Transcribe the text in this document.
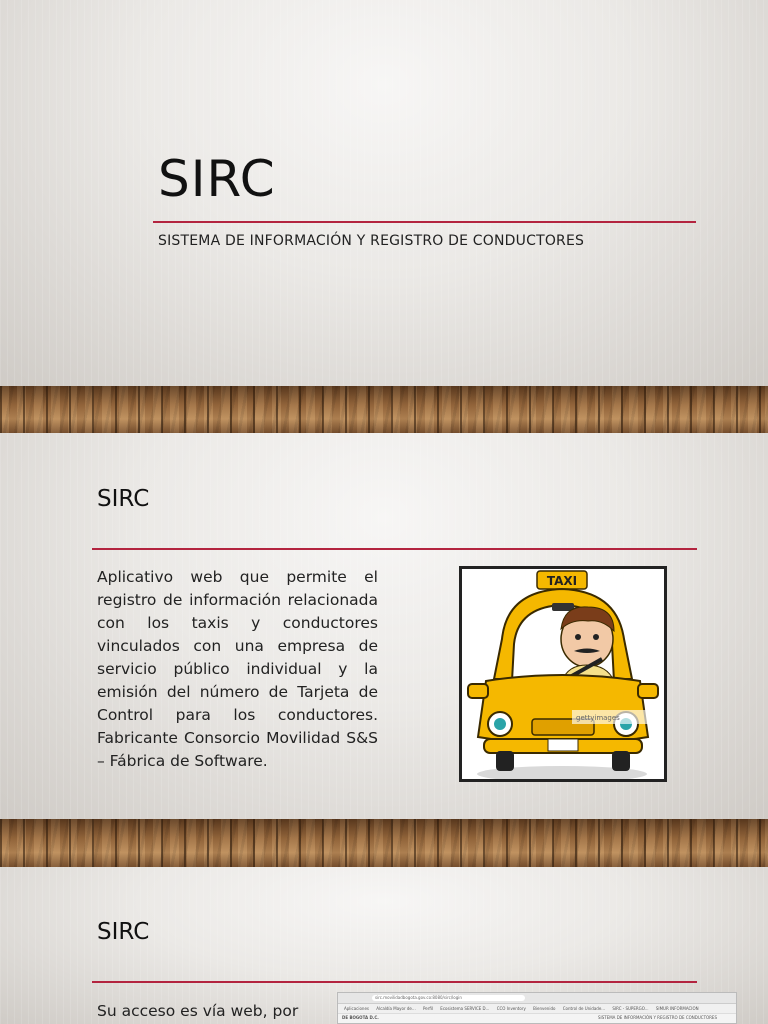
SIRC
SISTEMA DE INFORMACIÓN Y REGISTRO DE CONDUCTORES
SIRC
Aplicativo web que permite el registro de información relacionada con los taxis y conductores vinculados con una empresa de servicio público individual y la emisión del número de Tarjeta de Control para los conductores. Fabricante Consorcio Movilidad S&S – Fábrica de Software.
TAXI
gettyimages
SIRC
Su acceso es vía web, por
sirc.movilidadbogota.gov.co:8080/sirc/login
Aplicaciones Alcaldía Mayor de... Perfil Ecosistema SERVICE D... CCO Inventory Bienvenido Control de Unidade... SIRC - SUPERGO... SIMUR INFORMACION
DE BOGOTA D.C.	SISTEMA DE INFORMACIÓN Y REGISTRO DE CONDUCTORES
